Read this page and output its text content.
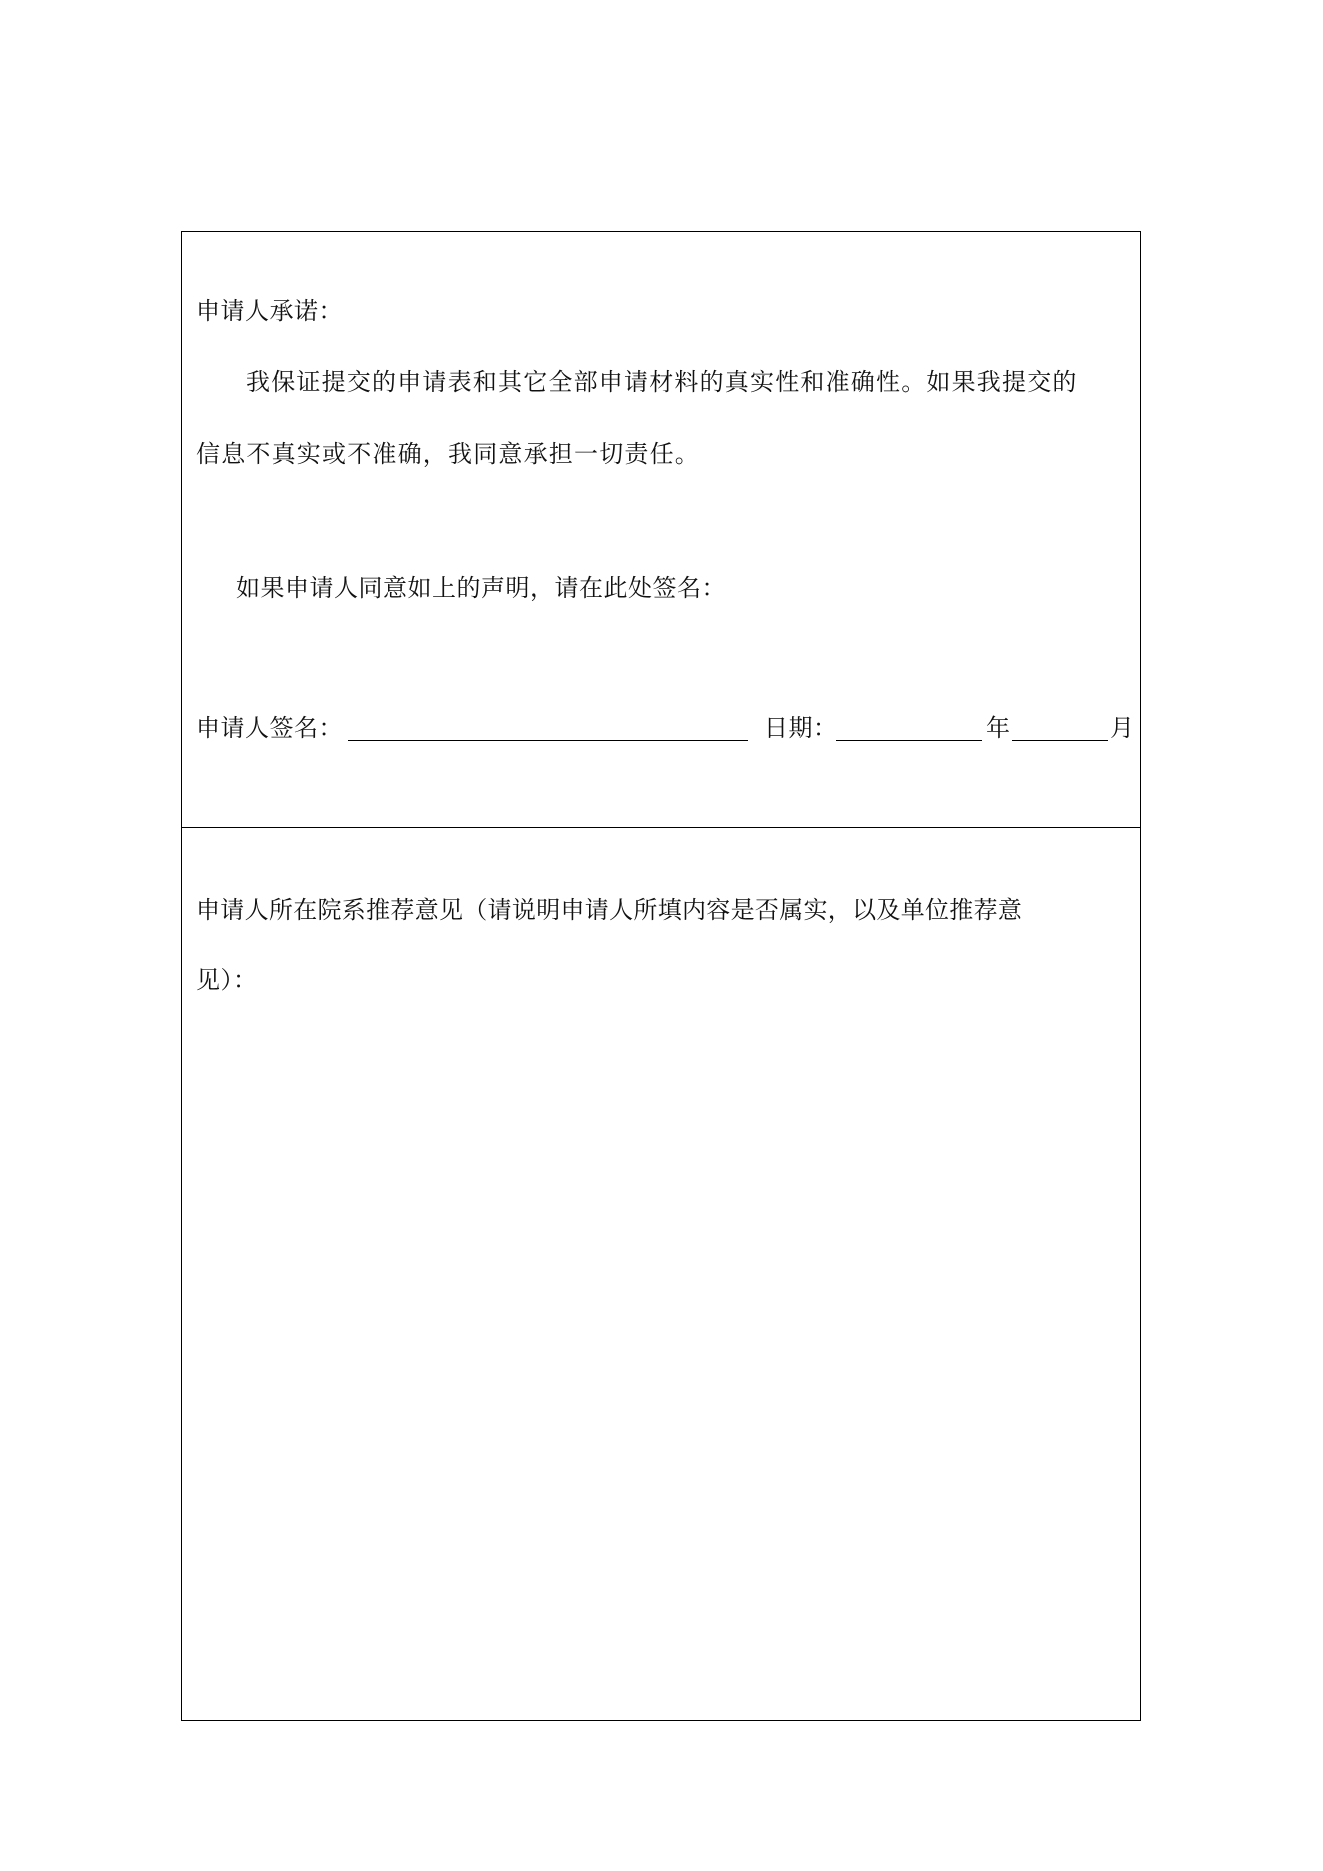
申请人承诺：
我保证提交的申请表和其它全部申请材料的真实性和准确性。如果我提交的
信息不真实或不准确，我同意承担一切责任。
如果申请人同意如上的声明，请在此处签名：
申请人签名：	日期：	年	月
申请人所在院系推荐意见（请说明申请人所填内容是否属实，以及单位推荐意
见）：
